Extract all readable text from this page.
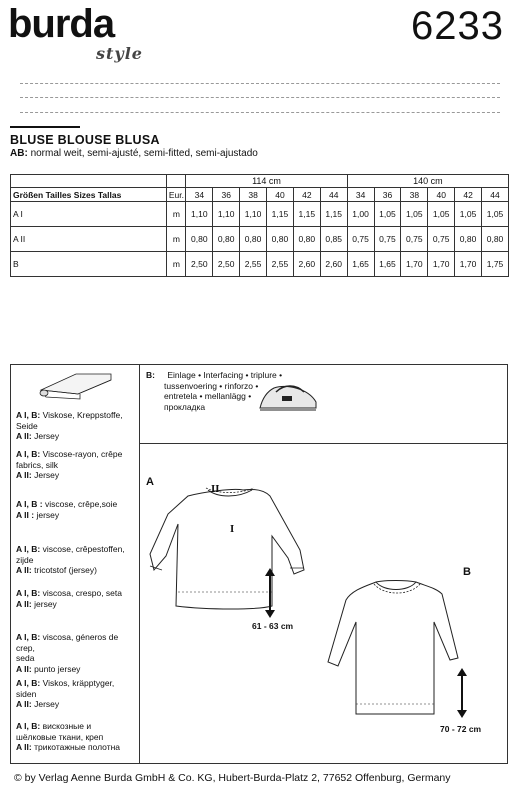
burda
style
6233
BLUSE BLOUSE BLUSA
AB: normal weit, semi-ajusté, semi-fitted, semi-ajustado
		114 cm						140 cm					
Größen Tailles Sizes Tallas	Eur.	34	36	38	40	42	44	34	36	38	40	42	44
A I	m	1,10	1,10	1,10	1,15	1,15	1,15	1,00	1,05	1,05	1,05	1,05	1,05
A II	m	0,80	0,80	0,80	0,80	0,80	0,85	0,75	0,75	0,75	0,75	0,80	0,80
B	m	2,50	2,50	2,55	2,55	2,60	2,60	1,65	1,65	1,70	1,70	1,70	1,75
A I, B: Viskose, Kreppstoffe, Seide
A II: Jersey
A I, B: Viscose-rayon, crêpe
fabrics, silk
A II: Jersey
A I, B : viscose, crêpe,soie
A II : jersey
A I, B: viscose, crêpestoffen, zijde
A II: tricotstof (jersey)
A I, B: viscosa, crespo, seta
A II: jersey
A I, B: viscosa, géneros de crep,
seda
A II: punto jersey
A I, B: Viskos, kräpptyger, siden
A II: Jersey
A I, B: вискозные и
шёлковые ткани, креп
A II: трикотажные полотна
B: Einlage • Interfacing • triplure •
tussenvoering • rinforzo •
entretela • mellanlägg •
прокладка
A
B
II
I
61 - 63 cm
70 - 72 cm
© by Verlag Aenne Burda GmbH & Co. KG, Hubert-Burda-Platz 2, 77652 Offenburg, Germany
